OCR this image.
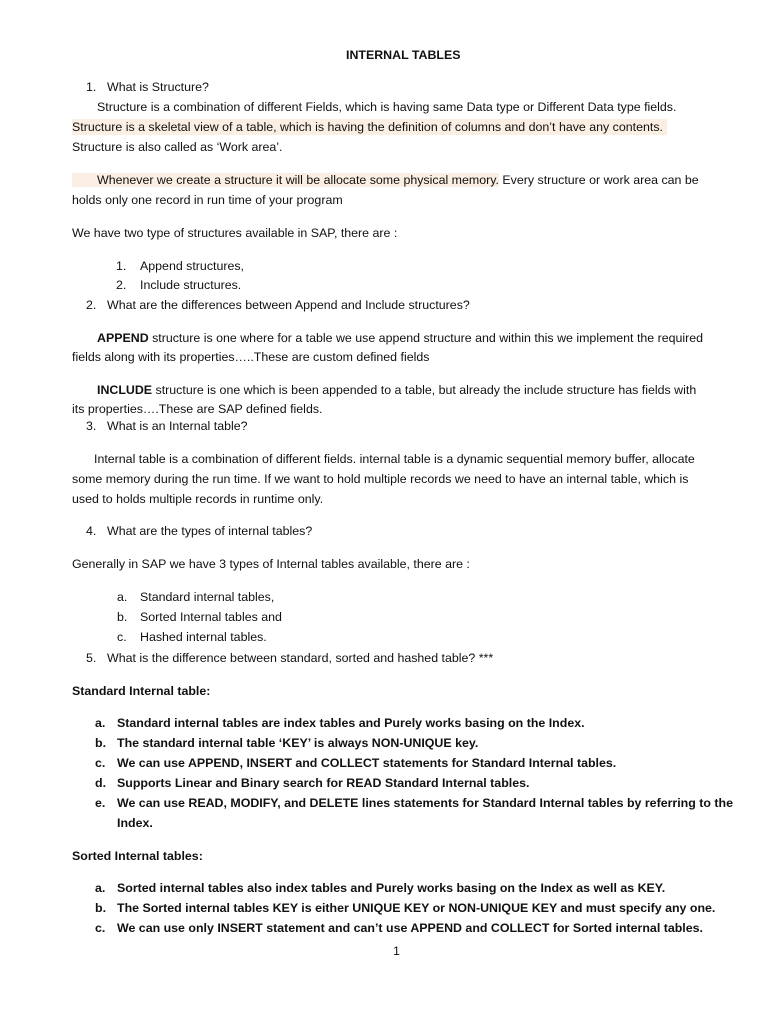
INTERNAL TABLES
1. What is Structure?
Structure is a combination of different Fields, which is having same Data type or Different Data type fields.
Structure is a skeletal view of a table, which is having the definition of columns and don’t have any contents.
Structure is also called as ‘Work area’.
Whenever we create a structure it will be allocate some physical memory. Every structure or work area can be
holds only one record in run time of your program
We have two type of structures available in SAP, there are :
1. Append structures,
2. Include structures.
2. What are the differences between Append and Include structures?
APPEND structure is one where for a table we use append structure and within this we implement the required
fields along with its properties…..These are custom defined fields
INCLUDE structure is one which is been appended to a table, but already the include structure has fields with
its properties….These are SAP defined fields.
3. What is an Internal table?
Internal table is a combination of different fields. internal table is a dynamic sequential memory buffer, allocate
some memory during the run time. If we want to hold multiple records we need to have an internal table, which is
used to holds multiple records in runtime only.
4. What are the types of internal tables?
Generally in SAP we have 3 types of Internal tables available, there are :
a. Standard internal tables,
b. Sorted Internal tables and
c. Hashed internal tables.
5. What is the difference between standard, sorted and hashed table? ***
Standard Internal table:
a. Standard internal tables are index tables and Purely works basing on the Index.
b. The standard internal table ‘KEY’ is always NON-UNIQUE key.
c. We can use APPEND, INSERT and COLLECT statements for Standard Internal tables.
d. Supports Linear and Binary search for READ Standard Internal tables.
e. We can use READ, MODIFY, and DELETE lines statements for Standard Internal tables by referring to the
Index.
Sorted Internal tables:
a. Sorted internal tables also index tables and Purely works basing on the Index as well as KEY.
b. The Sorted internal tables KEY is either UNIQUE KEY or NON-UNIQUE KEY and must specify any one.
c. We can use only INSERT statement and can’t use APPEND and COLLECT for Sorted internal tables.
1
